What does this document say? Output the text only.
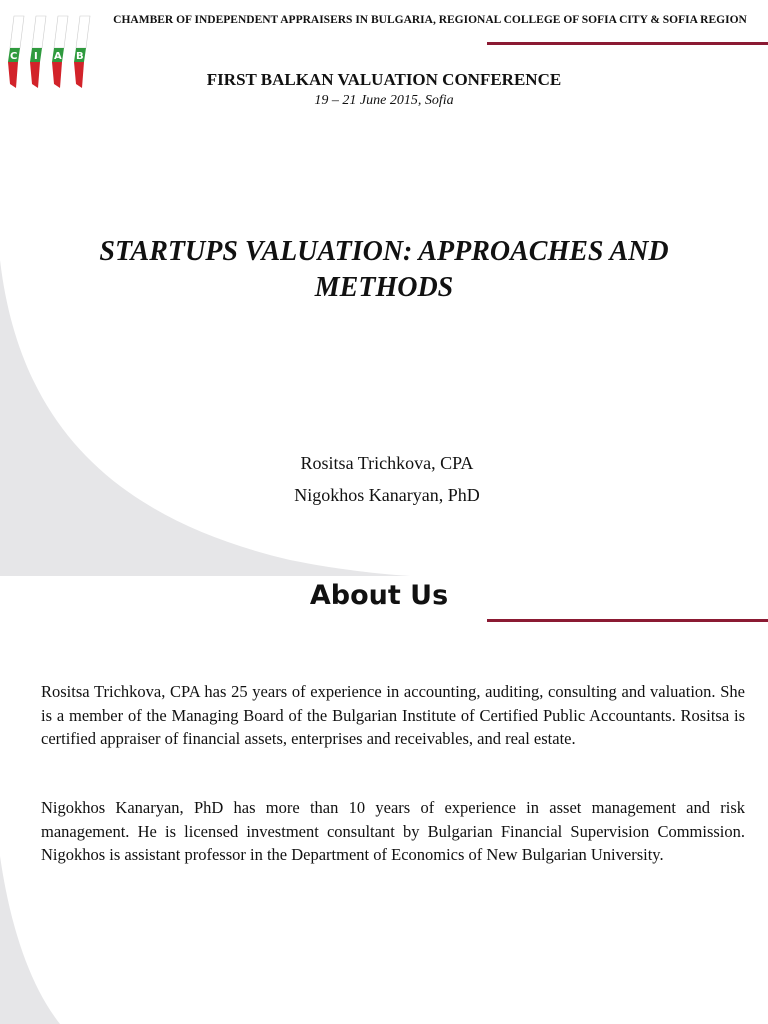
C I A B
CHAMBER OF INDEPENDENT APPRAISERS IN BULGARIA, REGIONAL COLLEGE OF SOFIA CITY & SOFIA REGION
FIRST BALKAN VALUATION CONFERENCE
19 – 21 June 2015, Sofia
STARTUPS VALUATION: APPROACHES AND METHODS
Rositsa Trichkova, CPA
Nigokhos Kanaryan, PhD
About Us
Rositsa Trichkova, CPA has 25 years of experience in accounting, auditing, consulting and valuation. She is a member of the Managing Board of the Bulgarian Institute of Certified Public Accountants. Rositsa is certified appraiser of financial assets, enterprises and receivables, and real estate.
Nigokhos Kanaryan, PhD has more than 10 years of experience in asset management and risk management. He is licensed investment consultant by Bulgarian Financial Supervision Commission. Nigokhos is assistant professor in the Department of Economics of New Bulgarian University.
